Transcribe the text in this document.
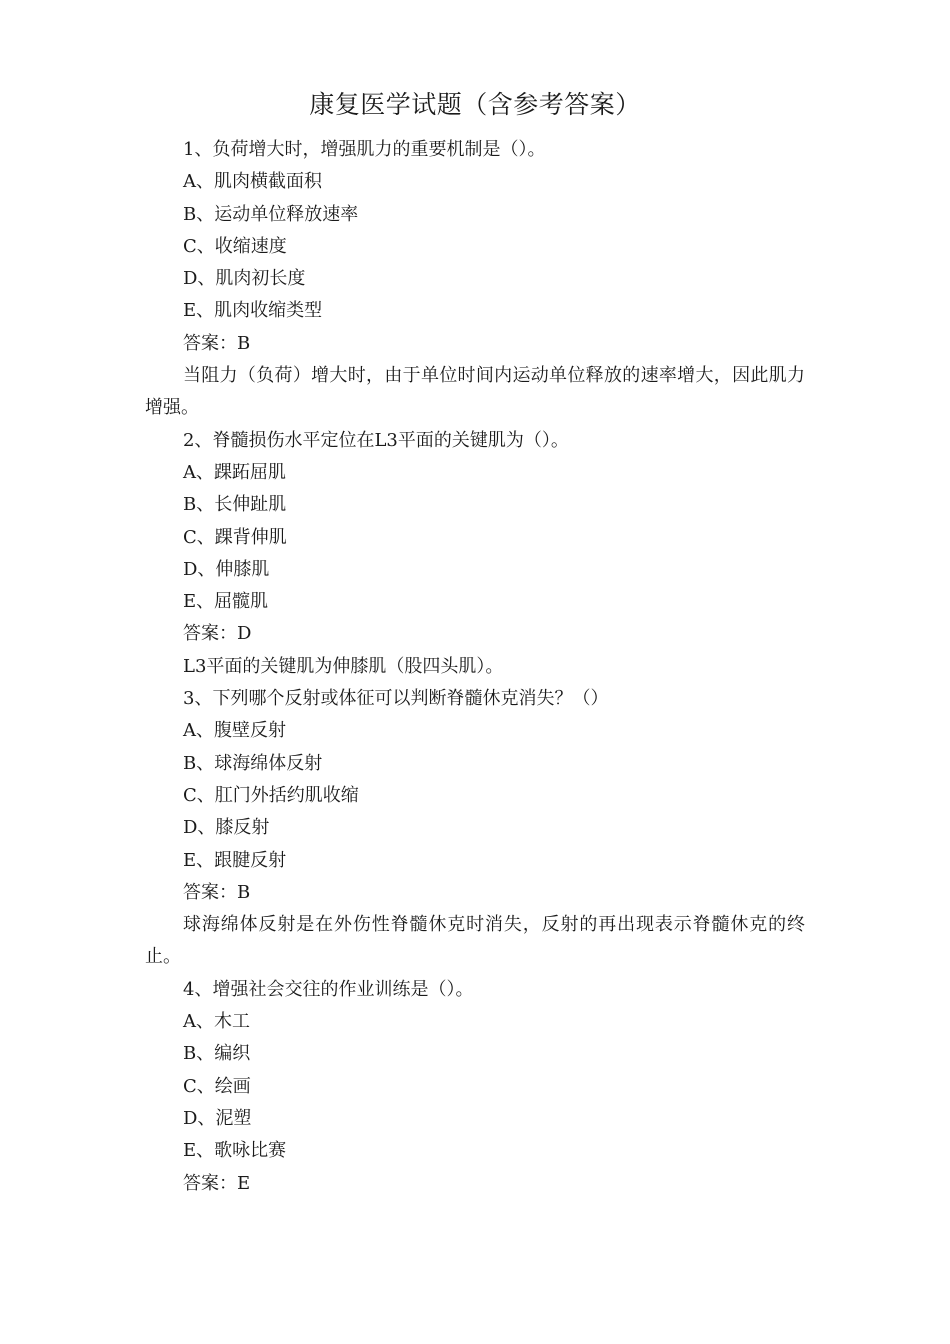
康复医学试题（含参考答案）

1、负荷增大时，增强肌力的重要机制是（）。

A、肌肉横截面积

B、运动单位释放速率

C、收缩速度

D、肌肉初长度

E、肌肉收缩类型

答案：B

当阻力（负荷）增大时，由于单位时间内运动单位释放的速率增大，因此肌力增强。

2、脊髓损伤水平定位在L3平面的关键肌为（）。

A、踝跖屈肌

B、长伸趾肌

C、踝背伸肌

D、伸膝肌

E、屈髋肌

答案：D

L3平面的关键肌为伸膝肌（股四头肌）。

3、下列哪个反射或体征可以判断脊髓休克消失？（）

A、腹壁反射

B、球海绵体反射

C、肛门外括约肌收缩

D、膝反射

E、跟腱反射

答案：B

球海绵体反射是在外伤性脊髓休克时消失，反射的再出现表示脊髓休克的终止。

4、增强社会交往的作业训练是（）。

A、木工

B、编织

C、绘画

D、泥塑

E、歌咏比赛

答案：E
